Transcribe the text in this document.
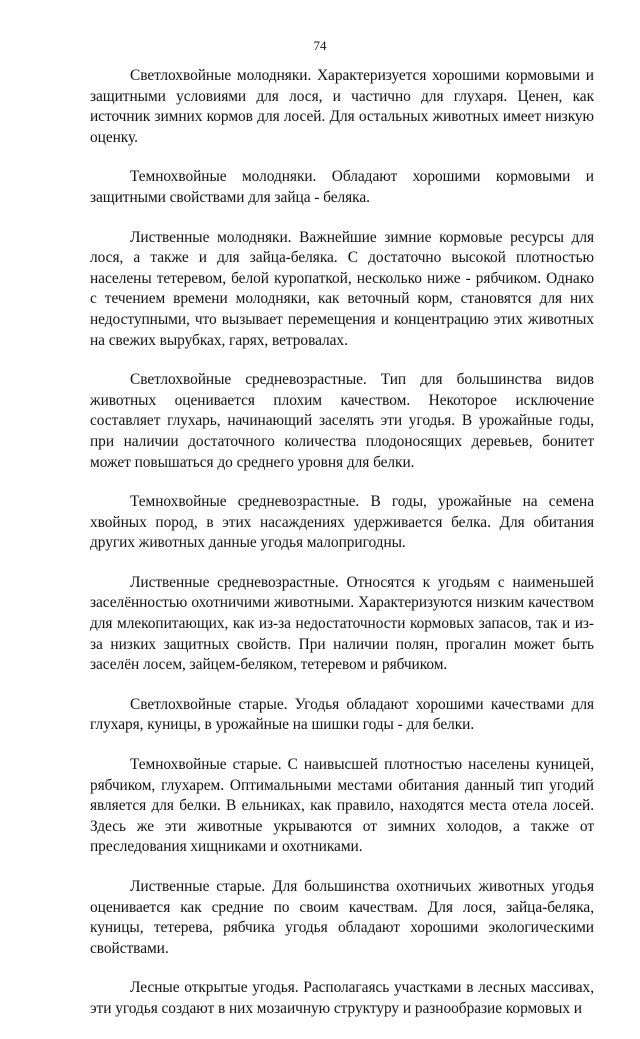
74

Светлохвойные молодняки. Характеризуется хорошими кормовыми и защитными условиями для лося, и частично для глухаря. Ценен, как источник зимних кормов для лосей. Для остальных животных имеет низкую оценку.

Темнохвойные молодняки. Обладают хорошими кормовыми и защитными свойствами для зайца - беляка.

Лиственные молодняки. Важнейшие зимние кормовые ресурсы для лося, а также и для зайца-беляка. С достаточно высокой плотностью населены тетеревом, белой куропаткой, несколько ниже - рябчиком. Однако с течением времени молодняки, как веточный корм, становятся для них недоступными, что вызывает перемещения и концентрацию этих животных на свежих вырубках, гарях, ветровалах.

Светлохвойные средневозрастные. Тип для большинства видов животных оценивается плохим качеством. Некоторое исключение составляет глухарь, начинающий заселять эти угодья. В урожайные годы, при наличии достаточного количества плодоносящих деревьев, бонитет может повышаться до среднего уровня для белки.

Темнохвойные средневозрастные. В годы, урожайные на семена хвойных пород, в этих насаждениях удерживается белка. Для обитания других животных данные угодья малопригодны.

Лиственные средневозрастные. Относятся к угодьям с наименьшей заселённостью охотничими животными. Характеризуются низким качеством для млекопитающих, как из-за недостаточности кормовых запасов, так и из-за низких защитных свойств. При наличии полян, прогалин может быть заселён лосем, зайцем-беляком, тетеревом и рябчиком.

Светлохвойные старые. Угодья обладают хорошими качествами для глухаря, куницы, в урожайные на шишки годы - для белки.

Темнохвойные старые. С наивысшей плотностью населены куницей, рябчиком, глухарем. Оптимальными местами обитания данный тип угодий является для белки. В ельниках, как правило, находятся места отела лосей. Здесь же эти животные укрываются от зимних холодов, а также от преследования хищниками и охотниками.

Лиственные старые. Для большинства охотничьих животных угодья оценивается как средние по своим качествам. Для лося, зайца-беляка, куницы, тетерева, рябчика угодья обладают хорошими экологическими свойствами.

Лесные открытые угодья. Располагаясь участками в лесных массивах, эти угодья создают в них мозаичную структуру и разнообразие кормовых и
